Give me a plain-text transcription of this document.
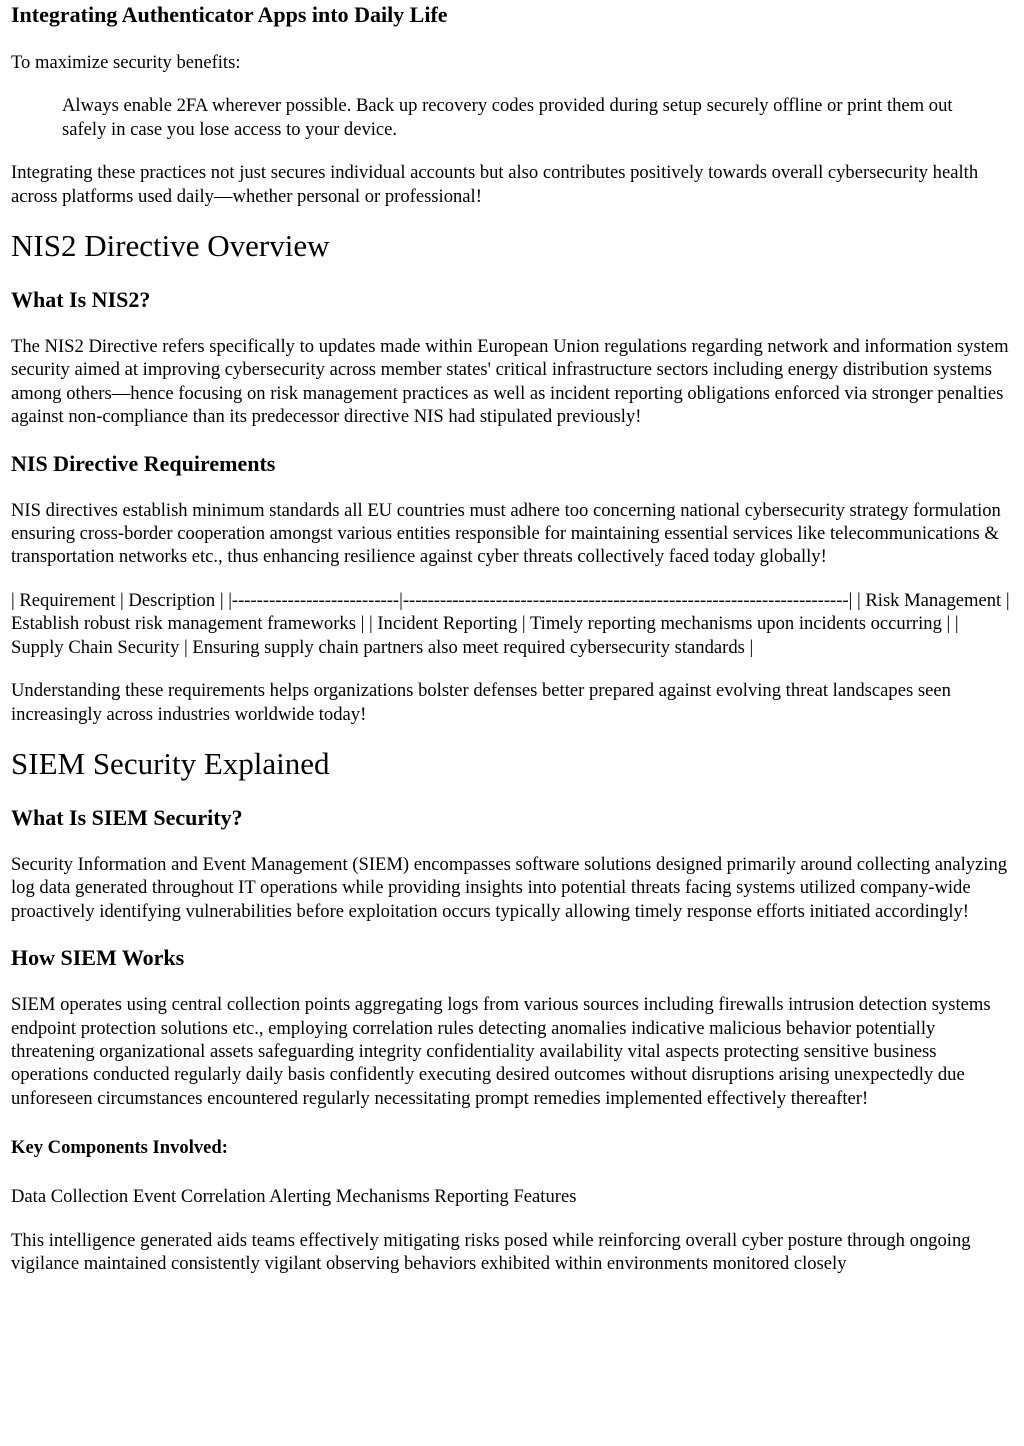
Integrating Authenticator Apps into Daily Life

To maximize security benefits:

Always enable 2FA wherever possible. Back up recovery codes provided during setup securely offline or print them out safely in case you lose access to your device.

Integrating these practices not just secures individual accounts but also contributes positively towards overall cybersecurity health across platforms used daily—whether personal or professional!

NIS2 Directive Overview
What Is NIS2?

The NIS2 Directive refers specifically to updates made within European Union regulations regarding network and information system security aimed at improving cybersecurity across member states' critical infrastructure sectors including energy distribution systems among others—hence focusing on risk management practices as well as incident reporting obligations enforced via stronger penalties against non-compliance than its predecessor directive NIS had stipulated previously!

NIS Directive Requirements

NIS directives establish minimum standards all EU countries must adhere too concerning national cybersecurity strategy formulation ensuring cross-border cooperation amongst various entities responsible for maintaining essential services like telecommunications & transportation networks etc., thus enhancing resilience against cyber threats collectively faced today globally!

| Requirement | Description | |---------------------------|------------------------------------------------------------------------| | Risk Management | Establish robust risk management frameworks | | Incident Reporting | Timely reporting mechanisms upon incidents occurring | | Supply Chain Security | Ensuring supply chain partners also meet required cybersecurity standards |

Understanding these requirements helps organizations bolster defenses better prepared against evolving threat landscapes seen increasingly across industries worldwide today!

SIEM Security Explained
What Is SIEM Security?

Security Information and Event Management (SIEM) encompasses software solutions designed primarily around collecting analyzing log data generated throughout IT operations while providing insights into potential threats facing systems utilized company-wide proactively identifying vulnerabilities before exploitation occurs typically allowing timely response efforts initiated accordingly!

How SIEM Works

SIEM operates using central collection points aggregating logs from various sources including firewalls intrusion detection systems endpoint protection solutions etc., employing correlation rules detecting anomalies indicative malicious behavior potentially threatening organizational assets safeguarding integrity confidentiality availability vital aspects protecting sensitive business operations conducted regularly daily basis confidently executing desired outcomes without disruptions arising unexpectedly due unforeseen circumstances encountered regularly necessitating prompt remedies implemented effectively thereafter!

Key Components Involved:

Data Collection Event Correlation Alerting Mechanisms Reporting Features

This intelligence generated aids teams effectively mitigating risks posed while reinforcing overall cyber posture through ongoing vigilance maintained consistently vigilant observing behaviors exhibited within environments monitored closely
